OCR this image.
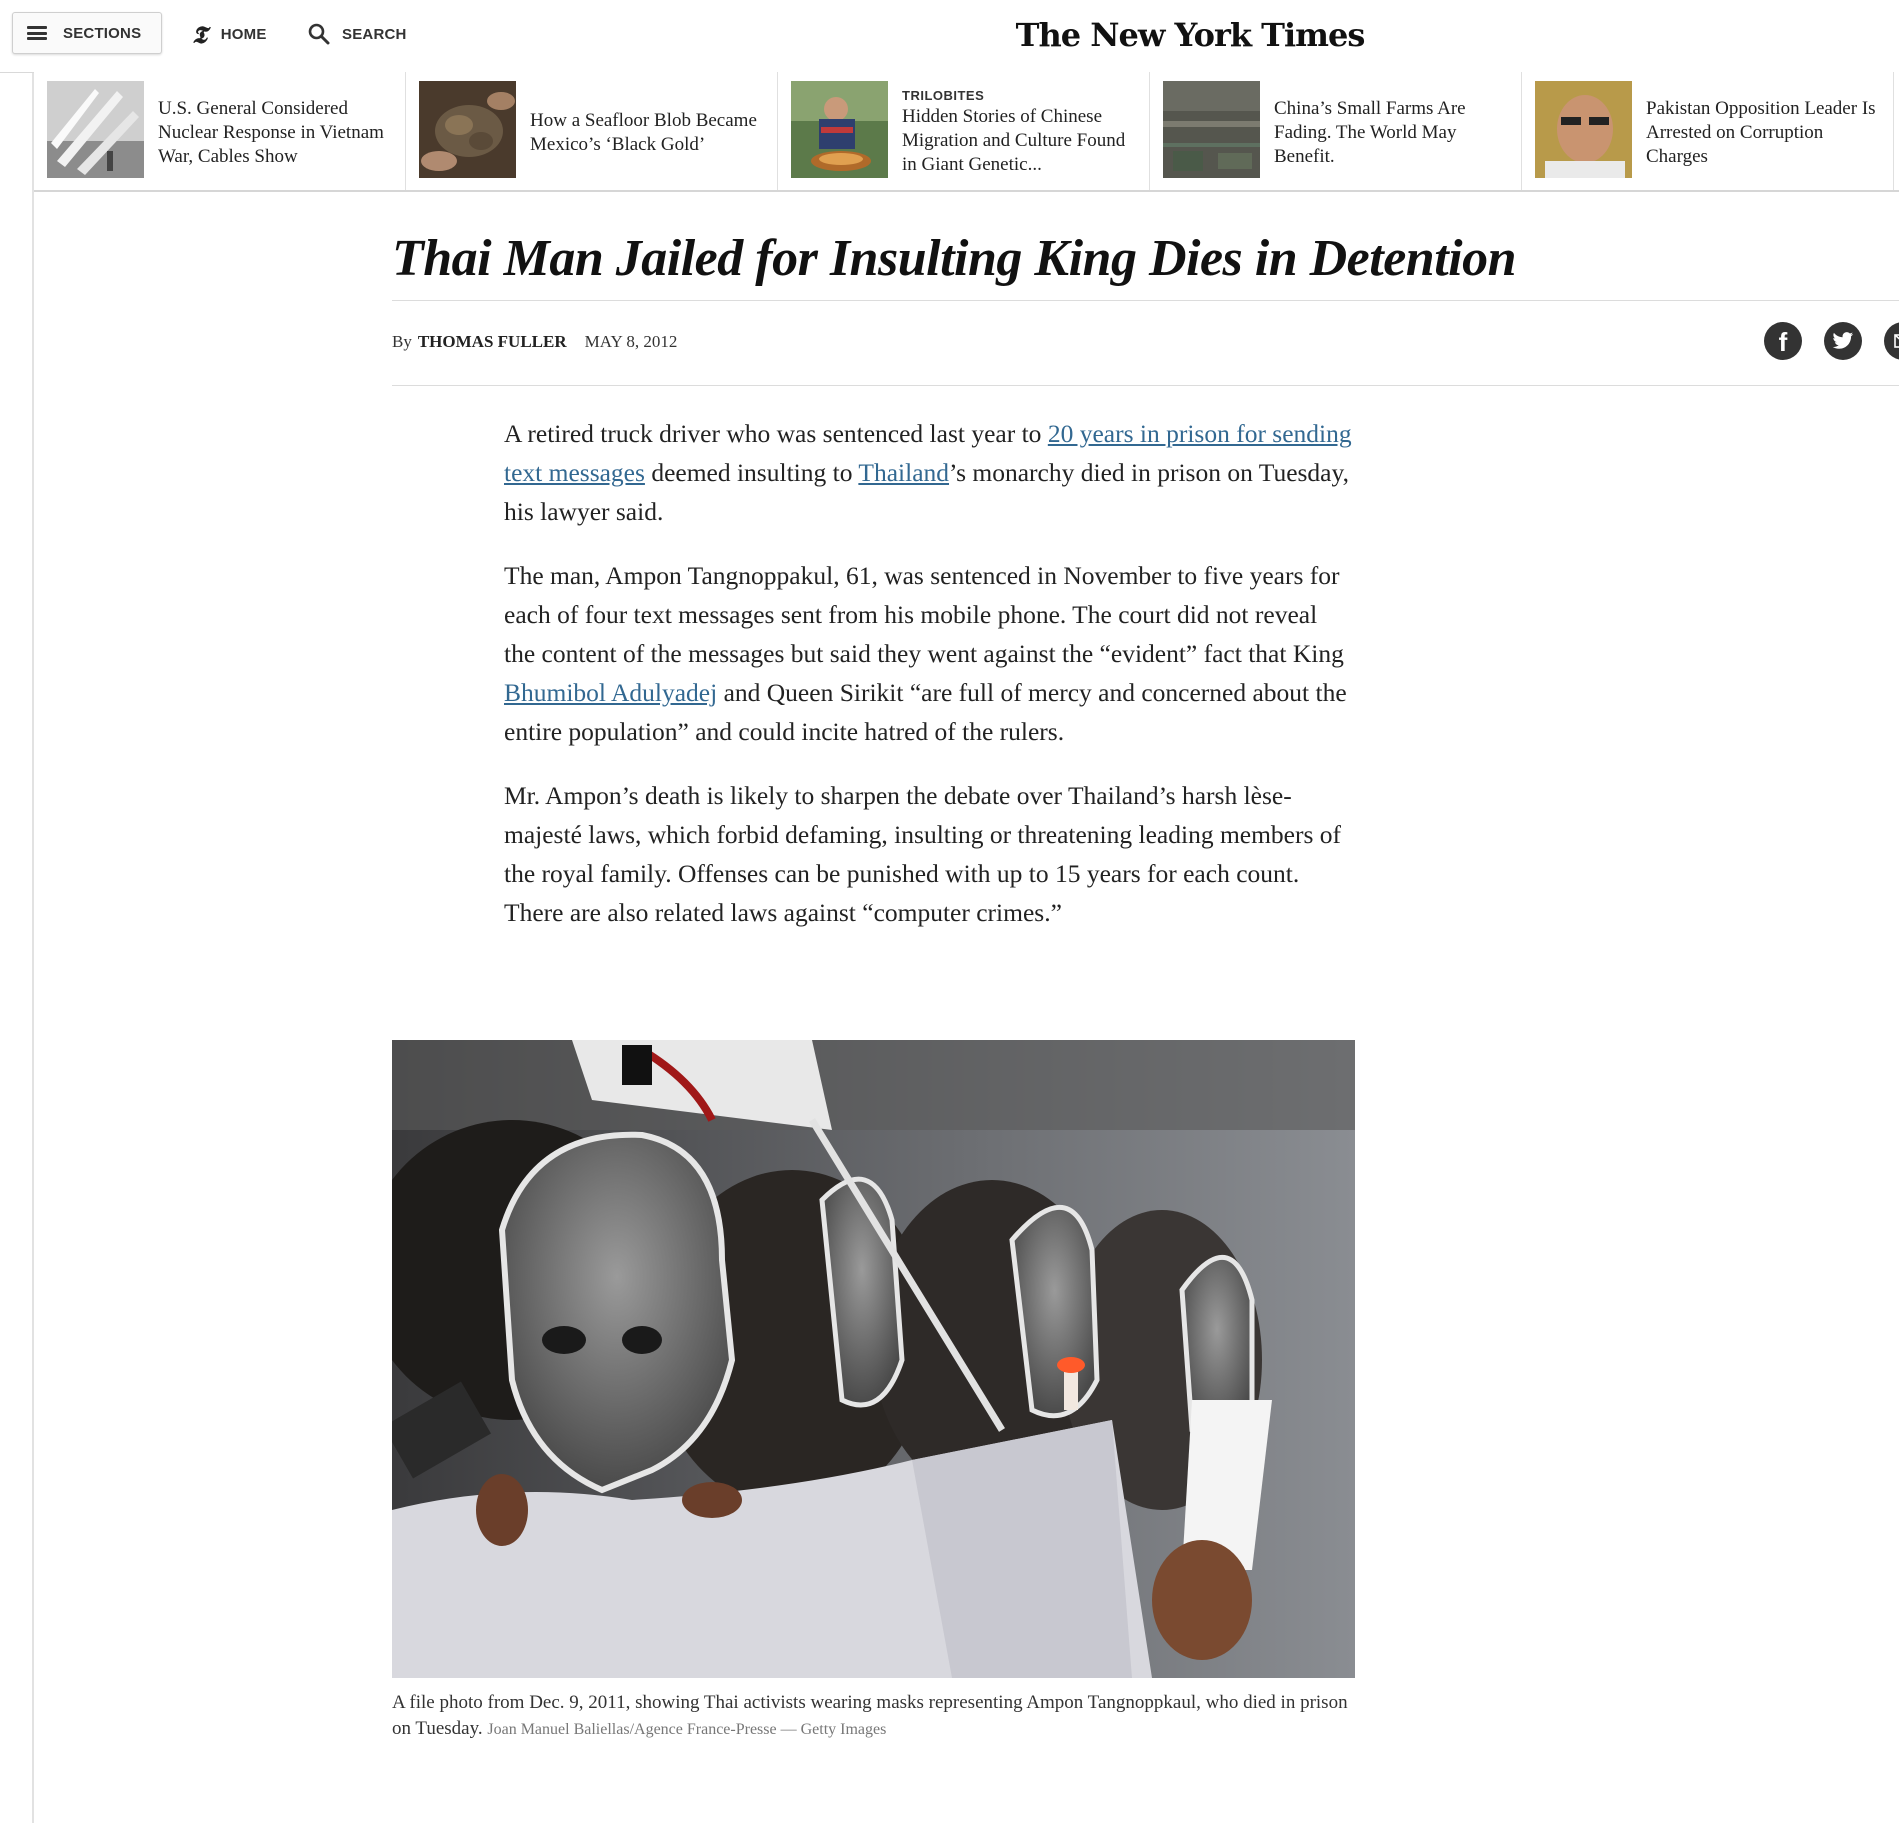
SECTIONS 𝕿 HOME	SEARCH	The New York Times
U.S. General Considered Nuclear Response in Vietnam War, Cables Show
How a Seafloor Blob Became Mexico’s ‘Black Gold’
TRILOBITES
Hidden Stories of Chinese Migration and Culture Found in Giant Genetic...
China’s Small Farms Are Fading. The World May Benefit.
Pakistan Opposition Leader Is Arrested on Corruption Charges
Thai Man Jailed for Insulting King Dies in Detention
By THOMAS FULLER MAY 8, 2012	f

A retired truck driver who was sentenced last year to 20 years in prison for sending text messages deemed insulting to Thailand’s monarchy died in prison on Tuesday, his lawyer said.

The man, Ampon Tangnoppakul, 61, was sentenced in November to five years for each of four text messages sent from his mobile phone. The court did not reveal the content of the messages but said they went against the “evident” fact that King Bhumibol Adulyadej and Queen Sirikit “are full of mercy and concerned about the entire population” and could incite hatred of the rulers.

Mr. Ampon’s death is likely to sharpen the debate over Thailand’s harsh lèse-majesté laws, which forbid defaming, insulting or threatening leading members of the royal family. Offenses can be punished with up to 15 years for each count. There are also related laws against “computer crimes.”

A file photo from Dec. 9, 2011, showing Thai activists wearing masks representing Ampon Tangnoppkaul, who died in prison on Tuesday. Joan Manuel Baliellas/Agence France-Presse — Getty Images
